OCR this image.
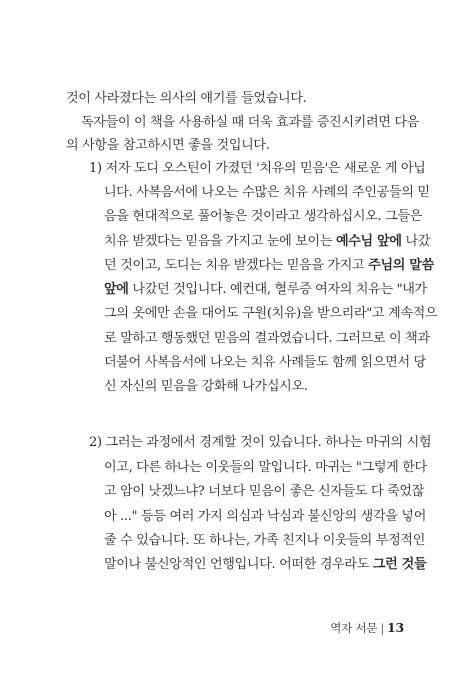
것이 사라졌다는 의사의 얘기를 들었습니다.
독자들이 이 책을 사용하실 때 더욱 효과를 증진시키려면 다음
의 사항을 참고하시면 좋을 것입니다.
1) 저자 도디 오스틴이 가졌던 '치유의 믿음'은 새로운 게 아닙
니다. 사복음서에 나오는 수많은 치유 사례의 주인공들의 믿
음을 현대적으로 풀어놓은 것이라고 생각하십시오. 그들은
치유 받겠다는 믿음을 가지고 눈에 보이는 예수님 앞에 나갔
던 것이고, 도디는 치유 받겠다는 믿음을 가지고 주님의 말씀
앞에 나갔던 것입니다. 예컨대, 혈루증 여자의 치유는 "내가
그의 옷에만 손을 대어도 구원(치유)을 받으리라"고 계속적으
로 말하고 행동했던 믿음의 결과였습니다. 그러므로 이 책과
더불어 사복음서에 나오는 치유 사례들도 함께 읽으면서 당
신 자신의 믿음을 강화해 나가십시오.
2) 그러는 과정에서 경계할 것이 있습니다. 하나는 마귀의 시험
이고, 다른 하나는 이웃들의 말입니다. 마귀는 "그렇게 한다
고 암이 낫겠느냐? 너보다 믿음이 좋은 신자들도 다 죽었잖
아 ..." 등등 여러 가지 의심과 낙심과 불신앙의 생각을 넣어
줄 수 있습니다. 또 하나는, 가족 친지나 이웃들의 부정적인
말이나 불신앙적인 언행입니다. 어떠한 경우라도 그런 것들
역자 서문 | 13
